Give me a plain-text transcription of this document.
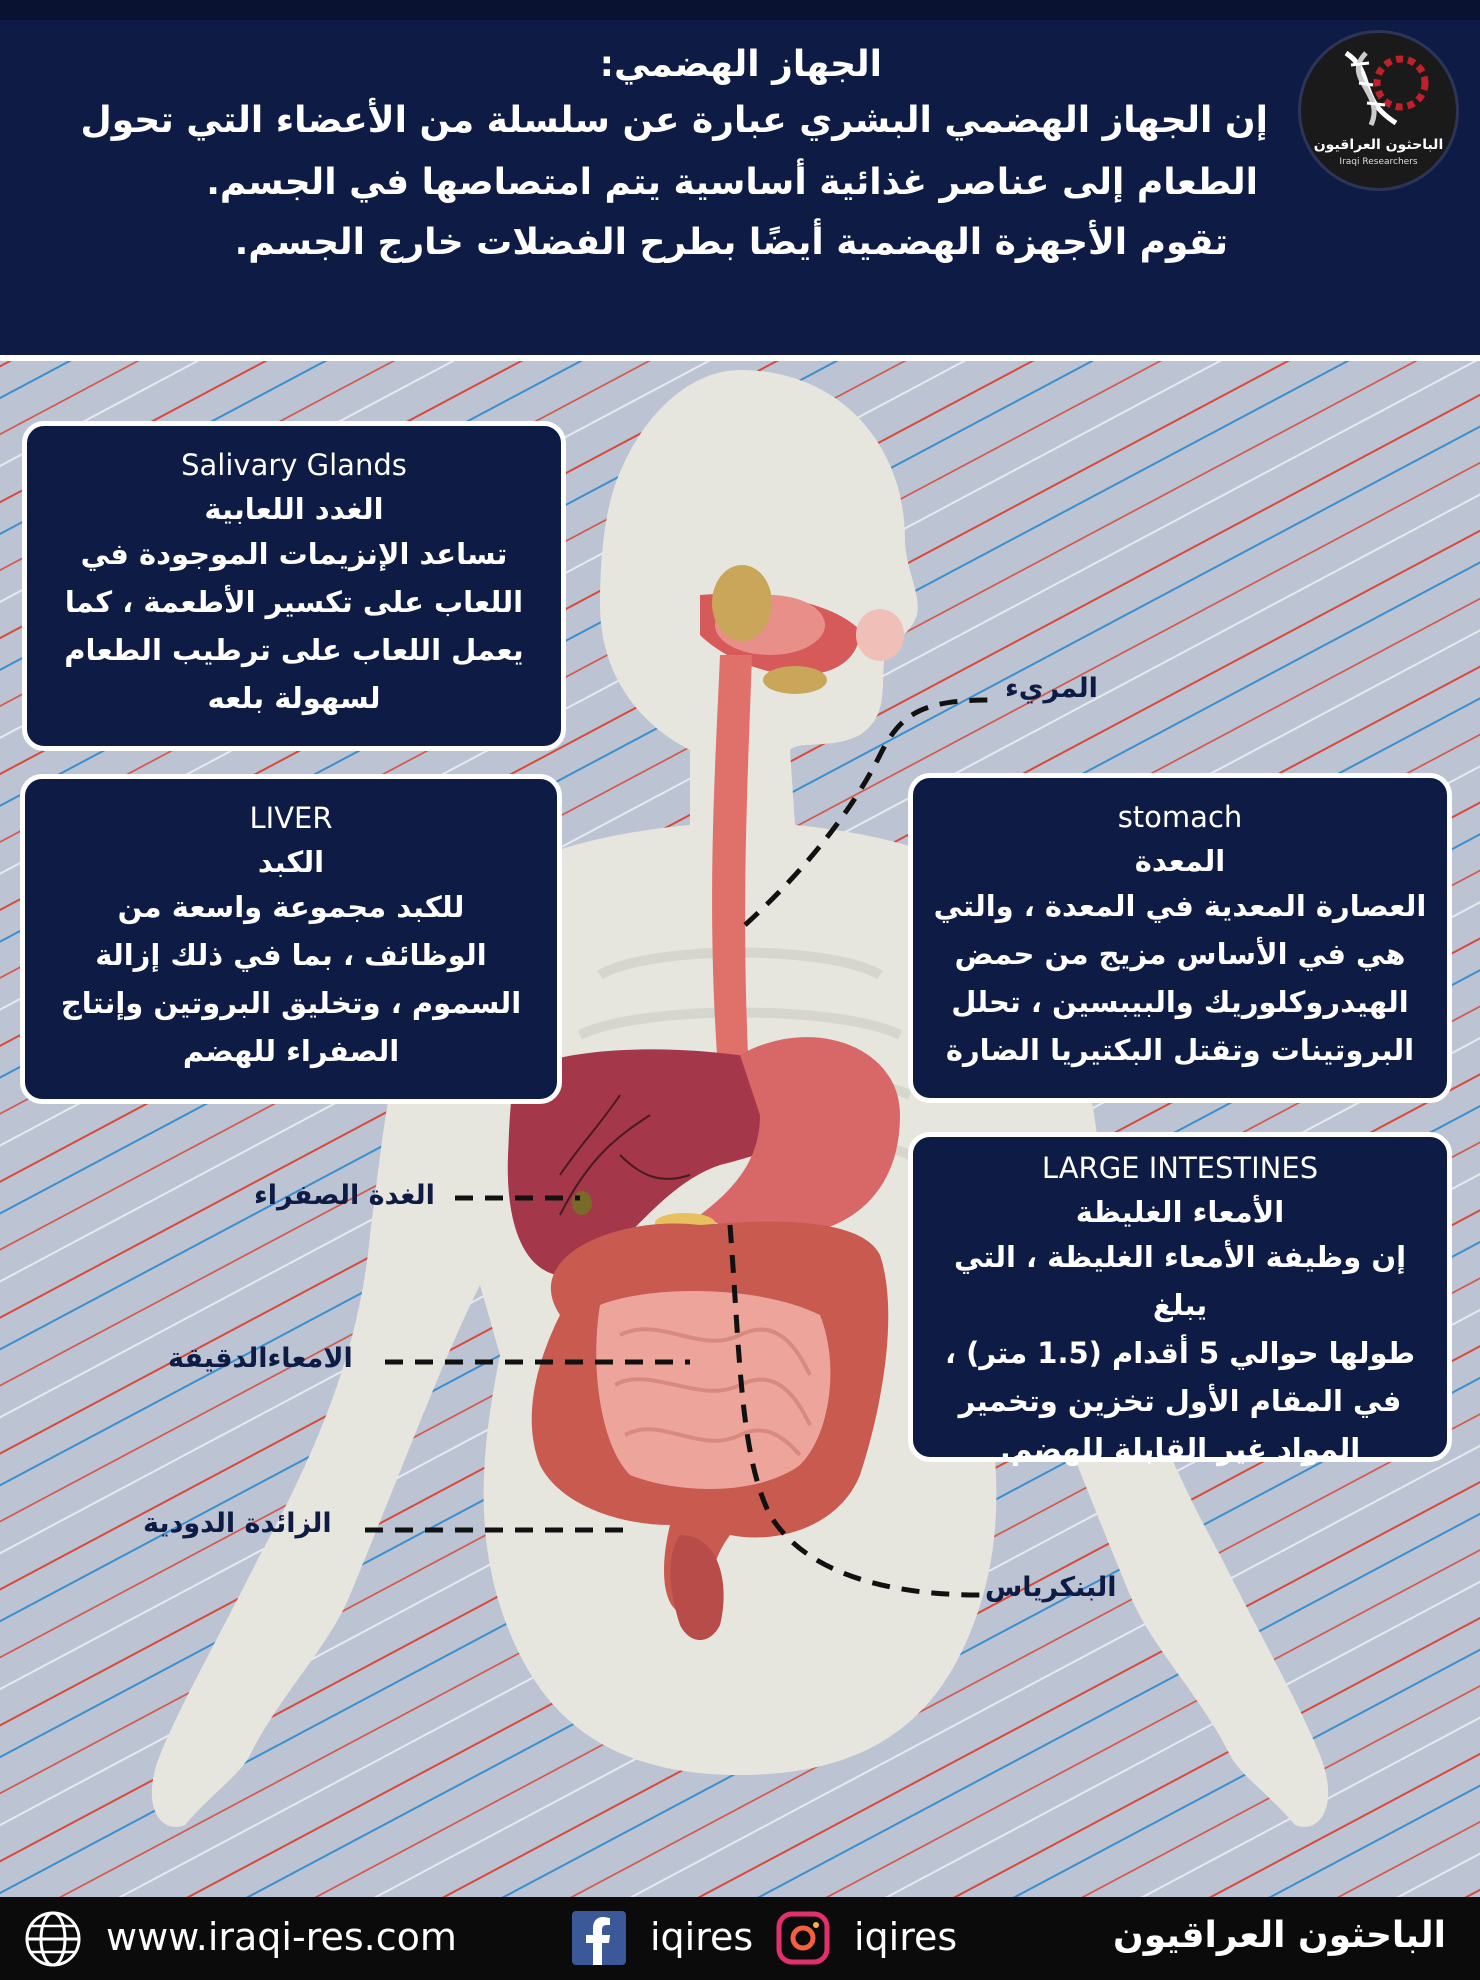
الجهاز الهضمي:
إن الجهاز الهضمي البشري عبارة عن سلسلة من الأعضاء التي تحول
الطعام إلى عناصر غذائية أساسية يتم امتصاصها في الجسم.
تقوم الأجهزة الهضمية أيضًا بطرح الفضلات خارج الجسم.
الباحثون العراقيون
Iraqi Researchers
Salivary Glands
الغدد اللعابية
تساعد الإنزيمات الموجودة في
اللعاب على تكسير الأطعمة ، كما
يعمل اللعاب على ترطيب الطعام
لسهولة بلعه
LIVER
الكبد
للكبد مجموعة واسعة من
الوظائف ، بما في ذلك إزالة
السموم ، وتخليق البروتين وإنتاج
الصفراء للهضم
stomach
المعدة
العصارة المعدية في المعدة ، والتي
هي في الأساس مزيج من حمض
الهيدروكلوريك والبيبسين ، تحلل
البروتينات وتقتل البكتيريا الضارة
LARGE INTESTINES
الأمعاء الغليظة
إن وظيفة الأمعاء الغليظة ، التي يبلغ
طولها حوالي 5 أقدام (1.5 متر) ،
في المقام الأول تخزين وتخمير
المواد غير القابلة للهضم.
المريء
الغدة الصفراء
الامعاءالدقيقة
الزائدة الدودية
البنكرياس
www.iraqi-res.com	iqires	iqires	الباحثون العراقيون
